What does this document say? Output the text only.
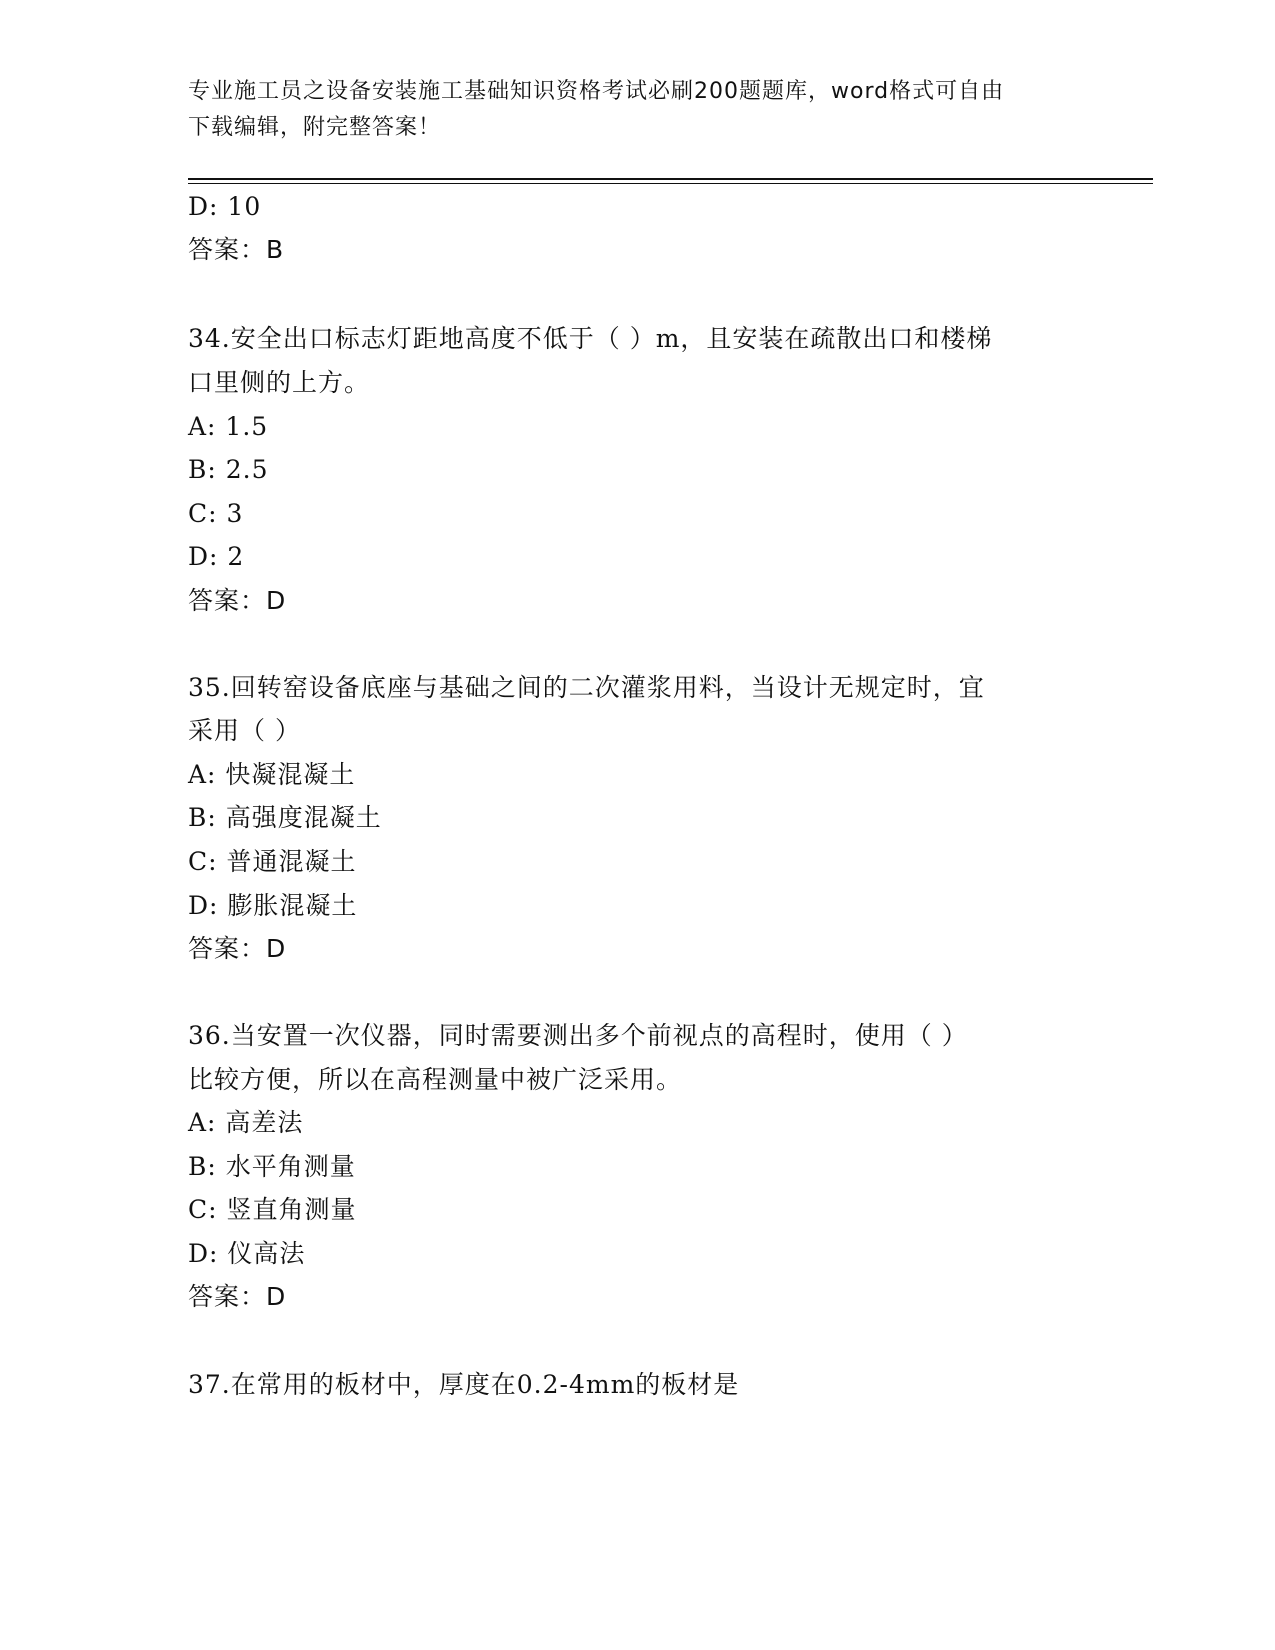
专业施工员之设备安装施工基础知识资格考试必刷200题题库，word格式可自由
下载编辑，附完整答案！
D: 10
答案：B
34.安全出口标志灯距地高度不低于（ ）m，且安装在疏散出口和楼梯
口里侧的上方。
A: 1.5
B: 2.5
C: 3
D: 2
答案：D
35.回转窑设备底座与基础之间的二次灌浆用料，当设计无规定时，宜
采用（ ）
A: 快凝混凝土
B: 高强度混凝土
C: 普通混凝土
D: 膨胀混凝土
答案：D
36.当安置一次仪器，同时需要测出多个前视点的高程时，使用（ ）
比较方便，所以在高程测量中被广泛采用。
A: 高差法
B: 水平角测量
C: 竖直角测量
D: 仪高法
答案：D
37.在常用的板材中，厚度在0.2-4mm的板材是
